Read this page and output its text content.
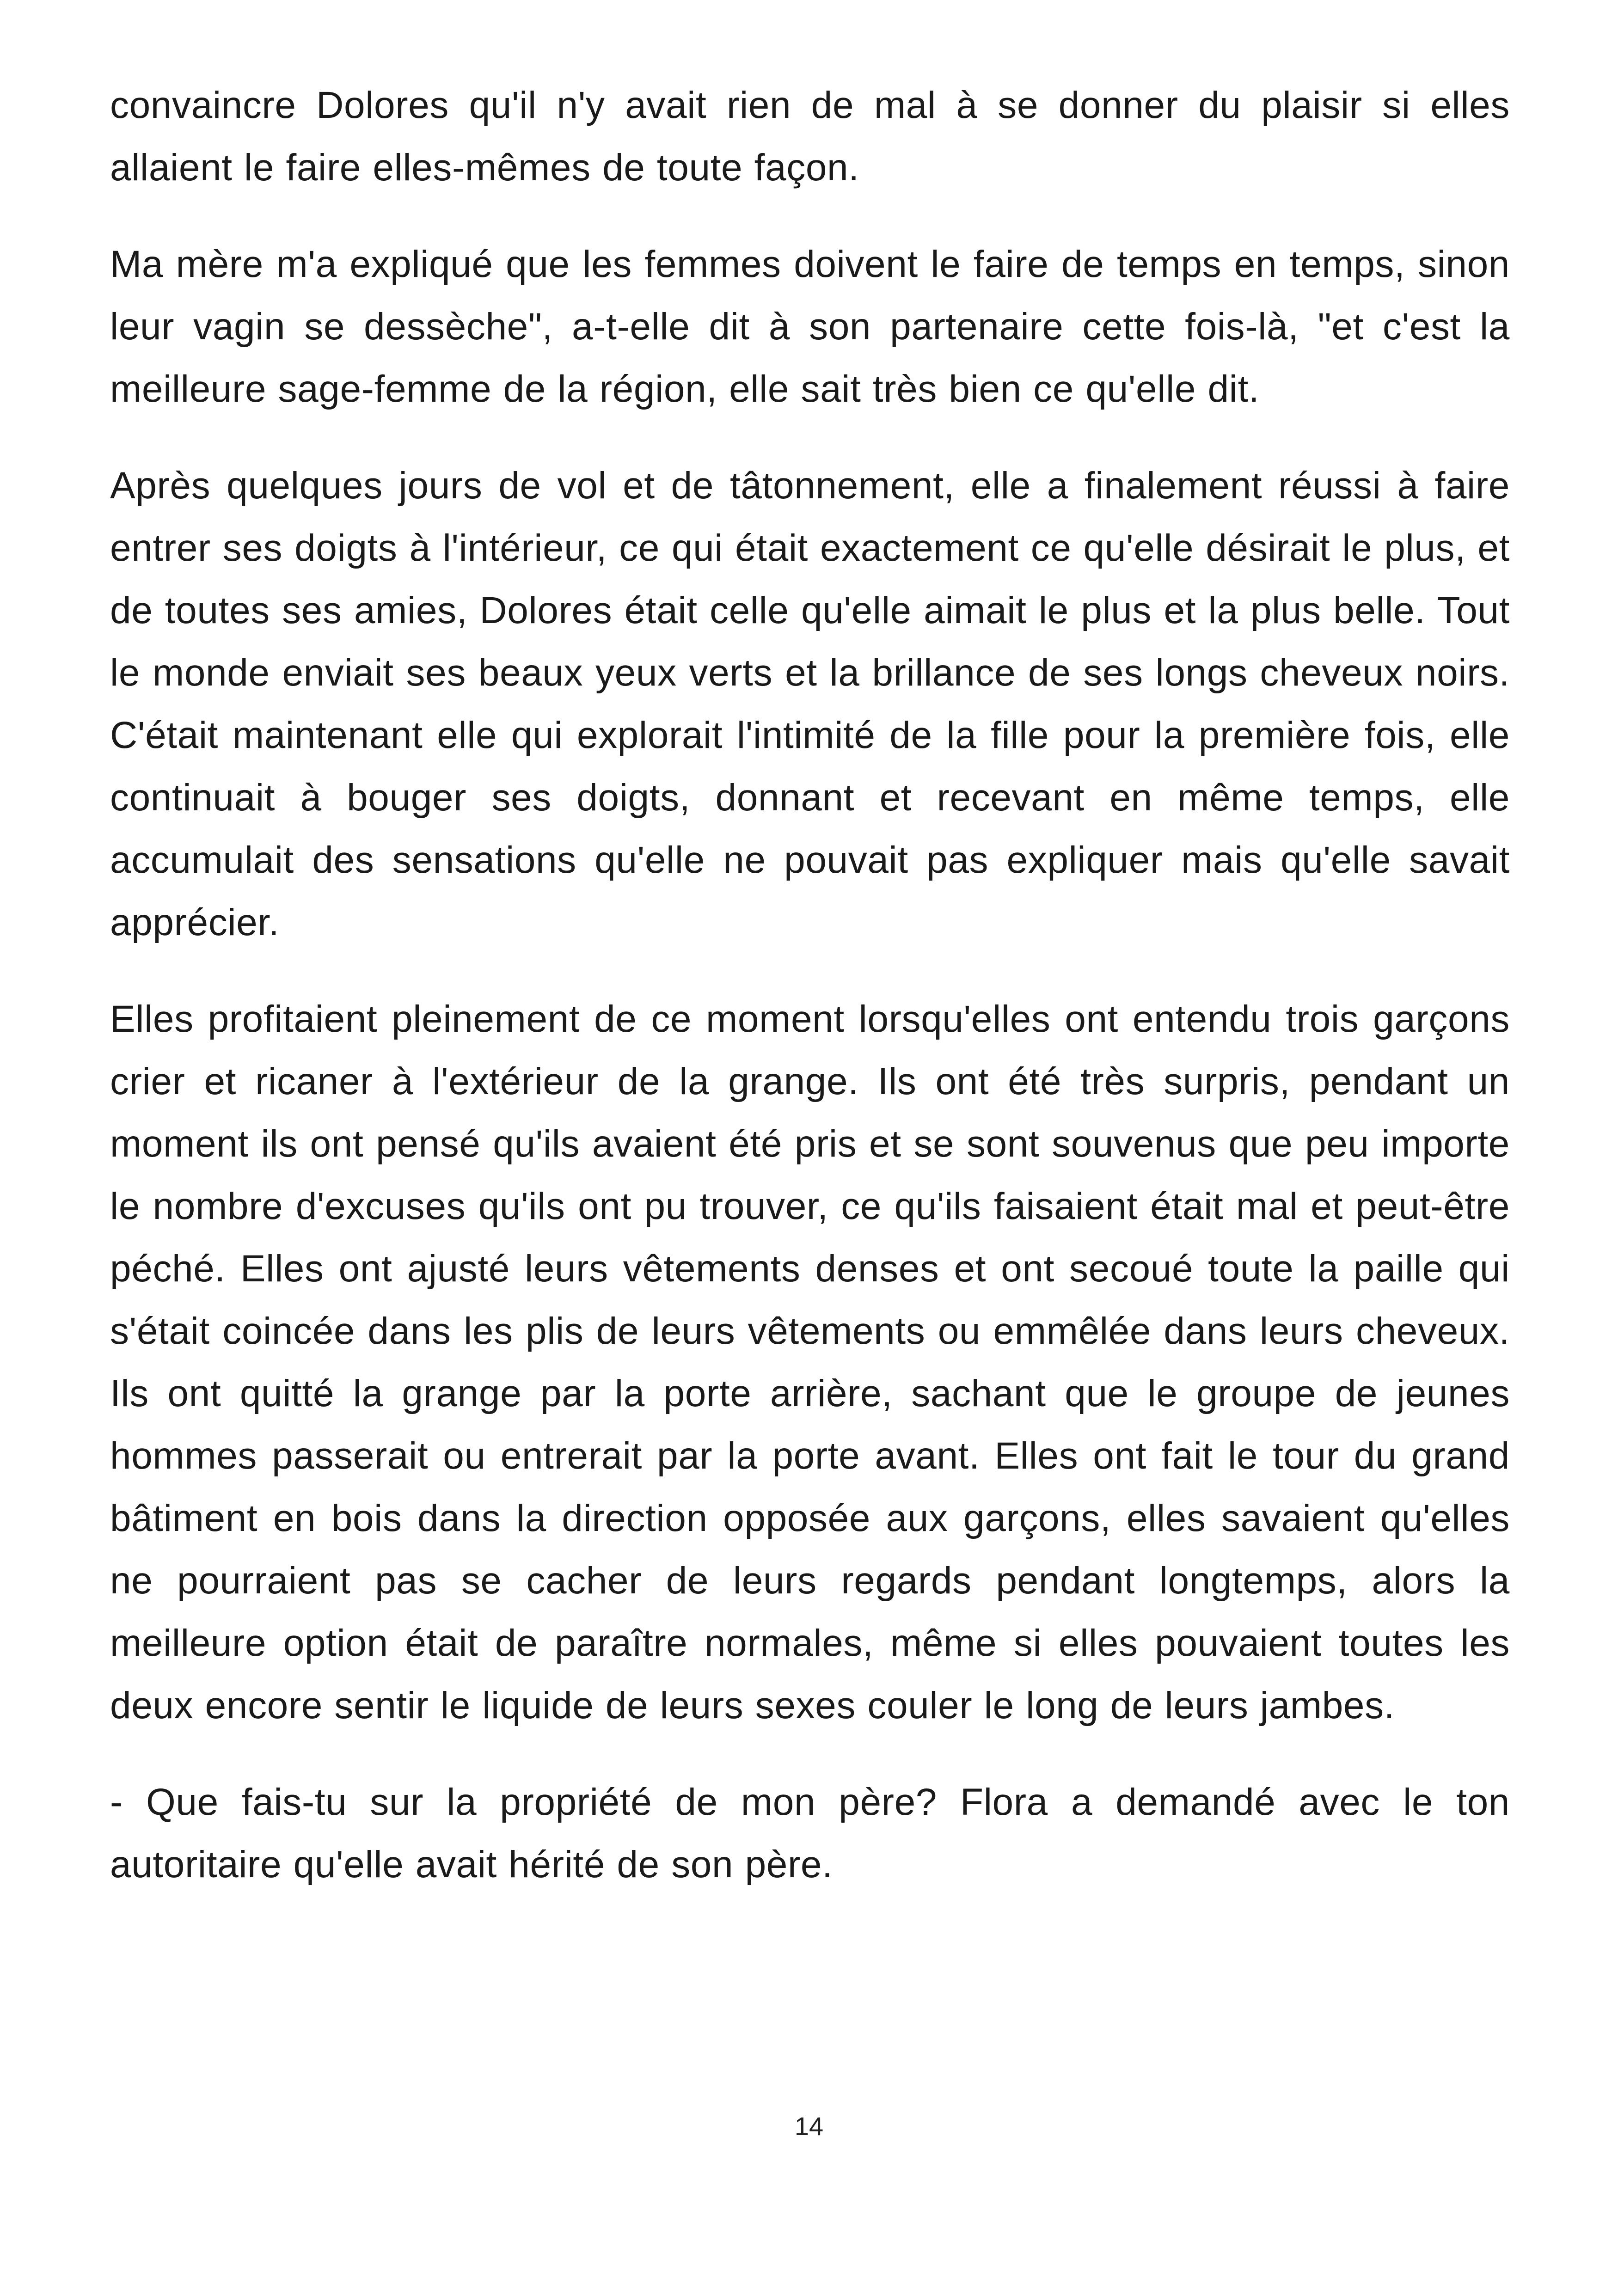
convaincre Dolores qu'il n'y avait rien de mal à se donner du plaisir si elles allaient le faire elles-mêmes de toute façon.

Ma mère m'a expliqué que les femmes doivent le faire de temps en temps, sinon leur vagin se dessèche", a-t-elle dit à son partenaire cette fois-là, "et c'est la meilleure sage-femme de la région, elle sait très bien ce qu'elle dit.

Après quelques jours de vol et de tâtonnement, elle a finalement réussi à faire entrer ses doigts à l'intérieur, ce qui était exactement ce qu'elle désirait le plus, et de toutes ses amies, Dolores était celle qu'elle aimait le plus et la plus belle. Tout le monde enviait ses beaux yeux verts et la brillance de ses longs cheveux noirs. C'était maintenant elle qui explorait l'intimité de la fille pour la première fois, elle continuait à bouger ses doigts, donnant et recevant en même temps, elle accumulait des sensations qu'elle ne pouvait pas expliquer mais qu'elle savait apprécier.

Elles profitaient pleinement de ce moment lorsqu'elles ont entendu trois garçons crier et ricaner à l'extérieur de la grange. Ils ont été très surpris, pendant un moment ils ont pensé qu'ils avaient été pris et se sont souvenus que peu importe le nombre d'excuses qu'ils ont pu trouver, ce qu'ils faisaient était mal et peut-être péché. Elles ont ajusté leurs vêtements denses et ont secoué toute la paille qui s'était coincée dans les plis de leurs vêtements ou emmêlée dans leurs cheveux. Ils ont quitté la grange par la porte arrière, sachant que le groupe de jeunes hommes passerait ou entrerait par la porte avant. Elles ont fait le tour du grand bâtiment en bois dans la direction opposée aux garçons, elles savaient qu'elles ne pourraient pas se cacher de leurs regards pendant longtemps, alors la meilleure option était de paraître normales, même si elles pouvaient toutes les deux encore sentir le liquide de leurs sexes couler le long de leurs jambes.

- Que fais-tu sur la propriété de mon père? Flora a demandé avec le ton autoritaire qu'elle avait hérité de son père.

14
